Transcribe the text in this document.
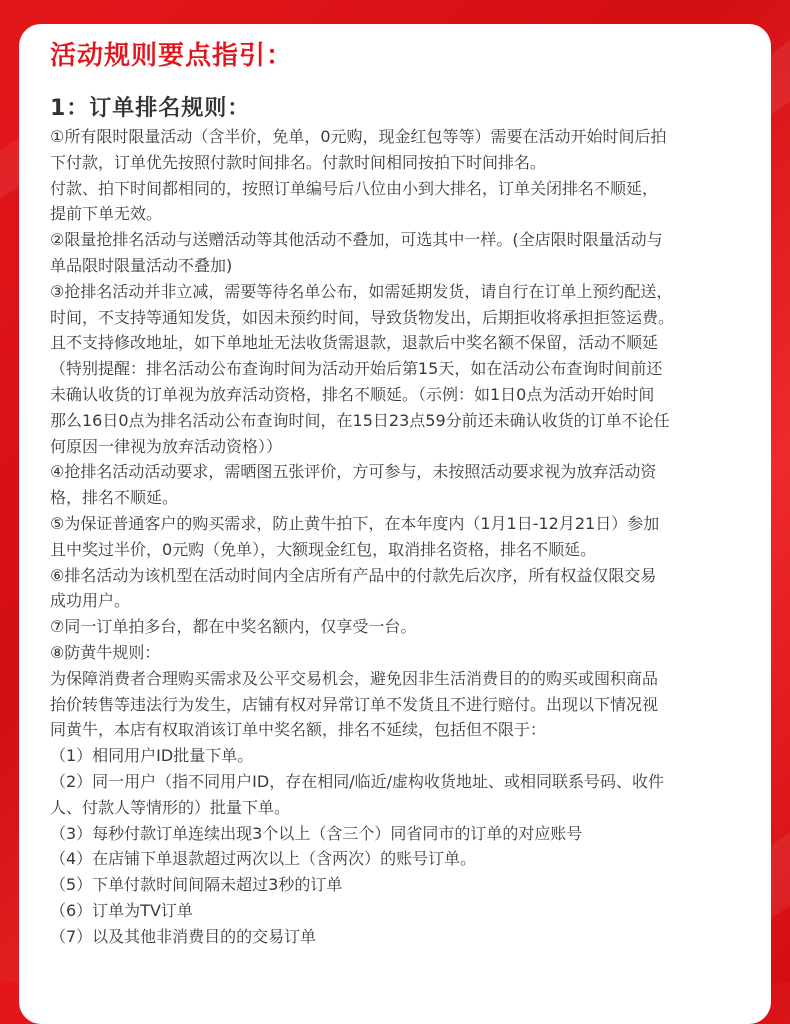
活动规则要点指引：
1：订单排名规则：

①所有限时限量活动（含半价，免单，0元购，现金红包等等）需要在活动开始时间后拍

下付款，订单优先按照付款时间排名。付款时间相同按拍下时间排名。

付款、拍下时间都相同的，按照订单编号后八位由小到大排名，订单关闭排名不顺延，

提前下单无效。

②限量抢排名活动与送赠活动等其他活动不叠加，可选其中一样。(全店限时限量活动与

单品限时限量活动不叠加)

③抢排名活动并非立减，需要等待名单公布，如需延期发货，请自行在订单上预约配送，

时间，不支持等通知发货，如因未预约时间，导致货物发出，后期拒收将承担拒签运费。

且不支持修改地址，如下单地址无法收货需退款，退款后中奖名额不保留，活动不顺延

（特别提醒：排名活动公布查询时间为活动开始后第15天，如在活动公布查询时间前还

未确认收货的订单视为放弃活动资格，排名不顺延。（示例：如1日0点为活动开始时间

那么16日0点为排名活动公布查询时间，在15日23点59分前还未确认收货的订单不论任

何原因一律视为放弃活动资格））

④抢排名活动活动要求，需晒图五张评价，方可参与，未按照活动要求视为放弃活动资

格，排名不顺延。

⑤为保证普通客户的购买需求，防止黄牛拍下，在本年度内（1月1日-12月21日）参加

且中奖过半价，0元购（免单），大额现金红包，取消排名资格，排名不顺延。

⑥排名活动为该机型在活动时间内全店所有产品中的付款先后次序，所有权益仅限交易

成功用户。

⑦同一订单拍多台，都在中奖名额内，仅享受一台。

⑧防黄牛规则：

为保障消费者合理购买需求及公平交易机会，避免因非生活消费目的的购买或囤积商品

抬价转售等违法行为发生，店铺有权对异常订单不发货且不进行赔付。出现以下情况视

同黄牛，本店有权取消该订单中奖名额，排名不延续，包括但不限于：

（1）相同用户ID批量下单。

（2）同一用户（指不同用户ID，存在相同/临近/虚构收货地址、或相同联系号码、收件

人、付款人等情形的）批量下单。

（3）每秒付款订单连续出现3个以上（含三个）同省同市的订单的对应账号

（4）在店铺下单退款超过两次以上（含两次）的账号订单。

（5）下单付款时间间隔未超过3秒的订单

（6）订单为TV订单

（7）以及其他非消费目的的交易订单
